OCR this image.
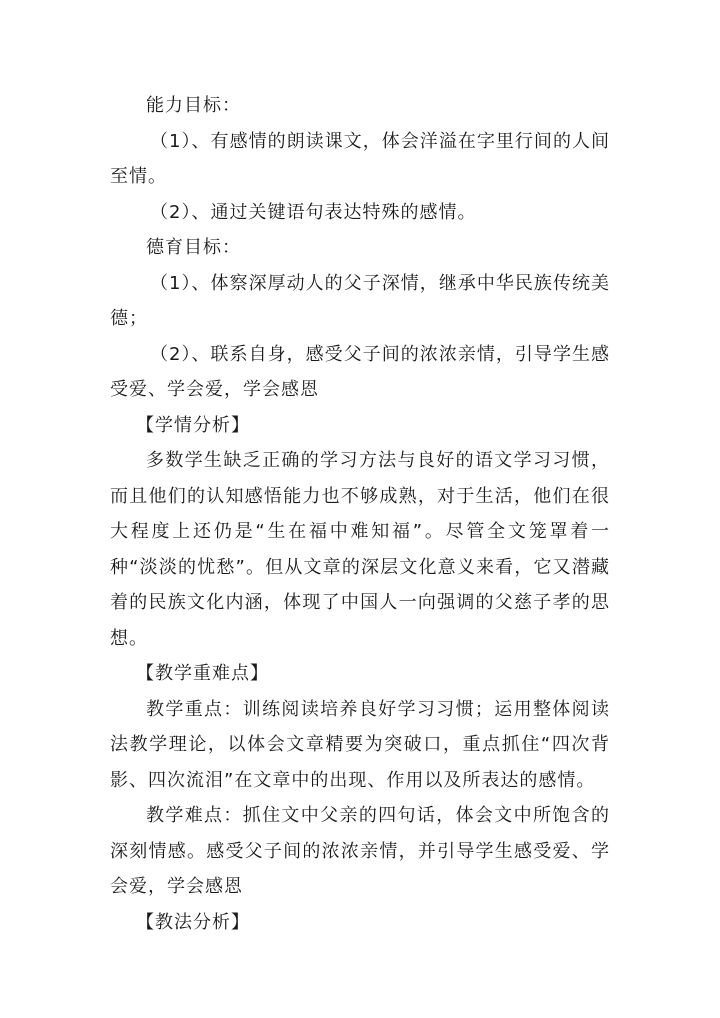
能力目标：

（1）、有感情的朗读课文，体会洋溢在字里行间的人间至情。

（2）、通过关键语句表达特殊的感情。

德育目标：

（1）、体察深厚动人的父子深情，继承中华民族传统美德；

（2）、联系自身，感受父子间的浓浓亲情，引导学生感受爱、学会爱，学会感恩

【学情分析】

多数学生缺乏正确的学习方法与良好的语文学习习惯，而且他们的认知感悟能力也不够成熟，对于生活，他们在很大程度上还仍是“生在福中难知福”。尽管全文笼罩着一种“淡淡的忧愁”。但从文章的深层文化意义来看，它又潜藏着的民族文化内涵，体现了中国人一向强调的父慈子孝的思想。

【教学重难点】

教学重点：训练阅读培养良好学习习惯；运用整体阅读法教学理论，以体会文章精要为突破口，重点抓住“四次背影、四次流泪”在文章中的出现、作用以及所表达的感情。

教学难点：抓住文中父亲的四句话，体会文中所饱含的深刻情感。感受父子间的浓浓亲情，并引导学生感受爱、学会爱，学会感恩

【教法分析】
